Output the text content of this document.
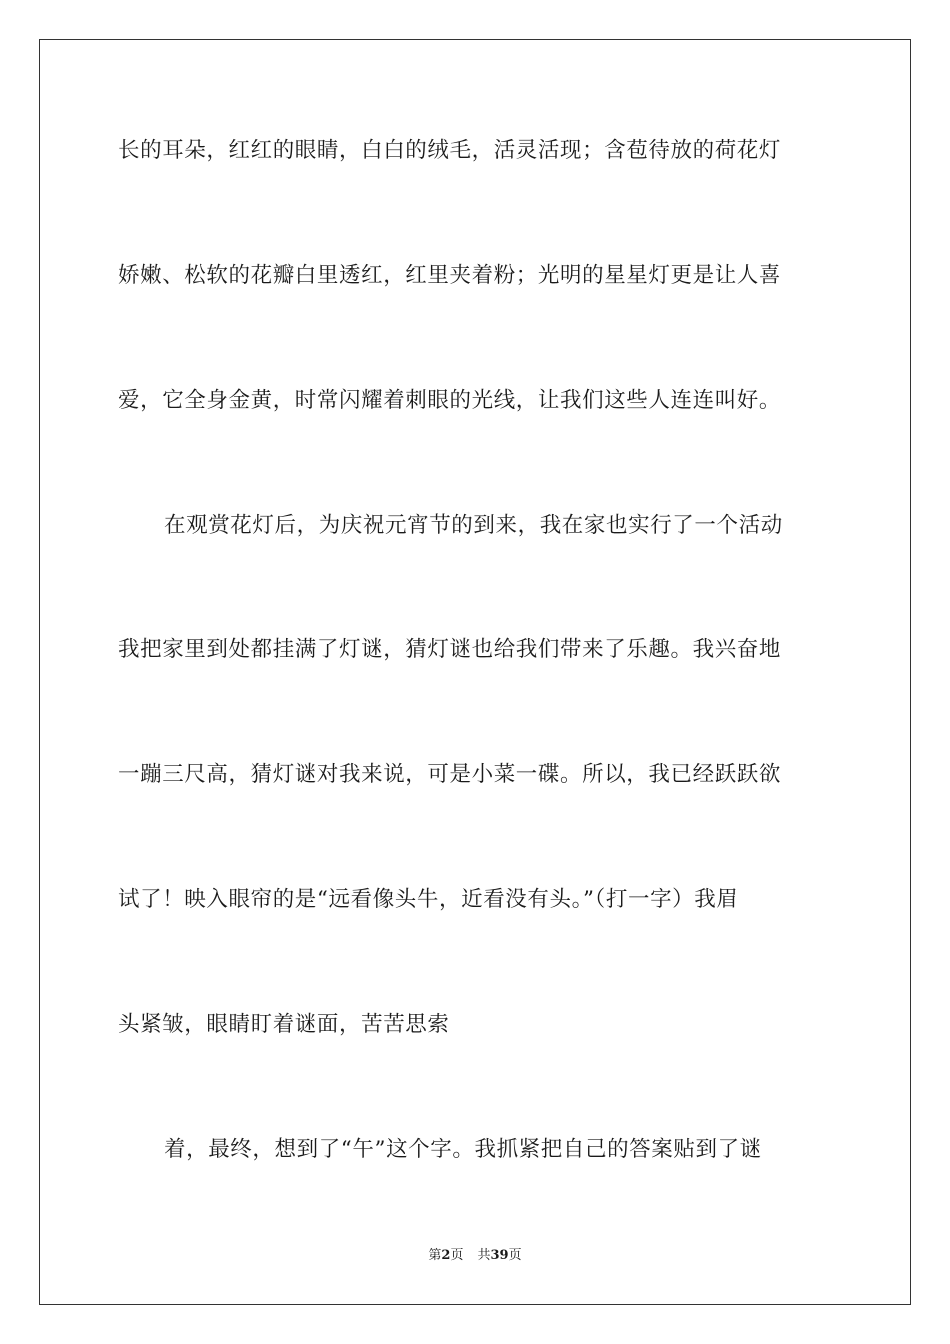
长的耳朵，红红的眼睛，白白的绒毛，活灵活现；含苞待放的荷花灯
娇嫩、松软的花瓣白里透红，红里夹着粉；光明的星星灯更是让人喜
爱，它全身金黄，时常闪耀着刺眼的光线，让我们这些人连连叫好。
在观赏花灯后，为庆祝元宵节的到来，我在家也实行了一个活动
我把家里到处都挂满了灯谜，猜灯谜也给我们带来了乐趣。我兴奋地
一蹦三尺高，猜灯谜对我来说，可是小菜一碟。所以，我已经跃跃欲
试了！映入眼帘的是“远看像头牛，近看没有头。”（打一字）我眉
头紧皱，眼睛盯着谜面，苦苦思索
着，最终，想到了“午”这个字。我抓紧把自己的答案贴到了谜
第2页 共39页
